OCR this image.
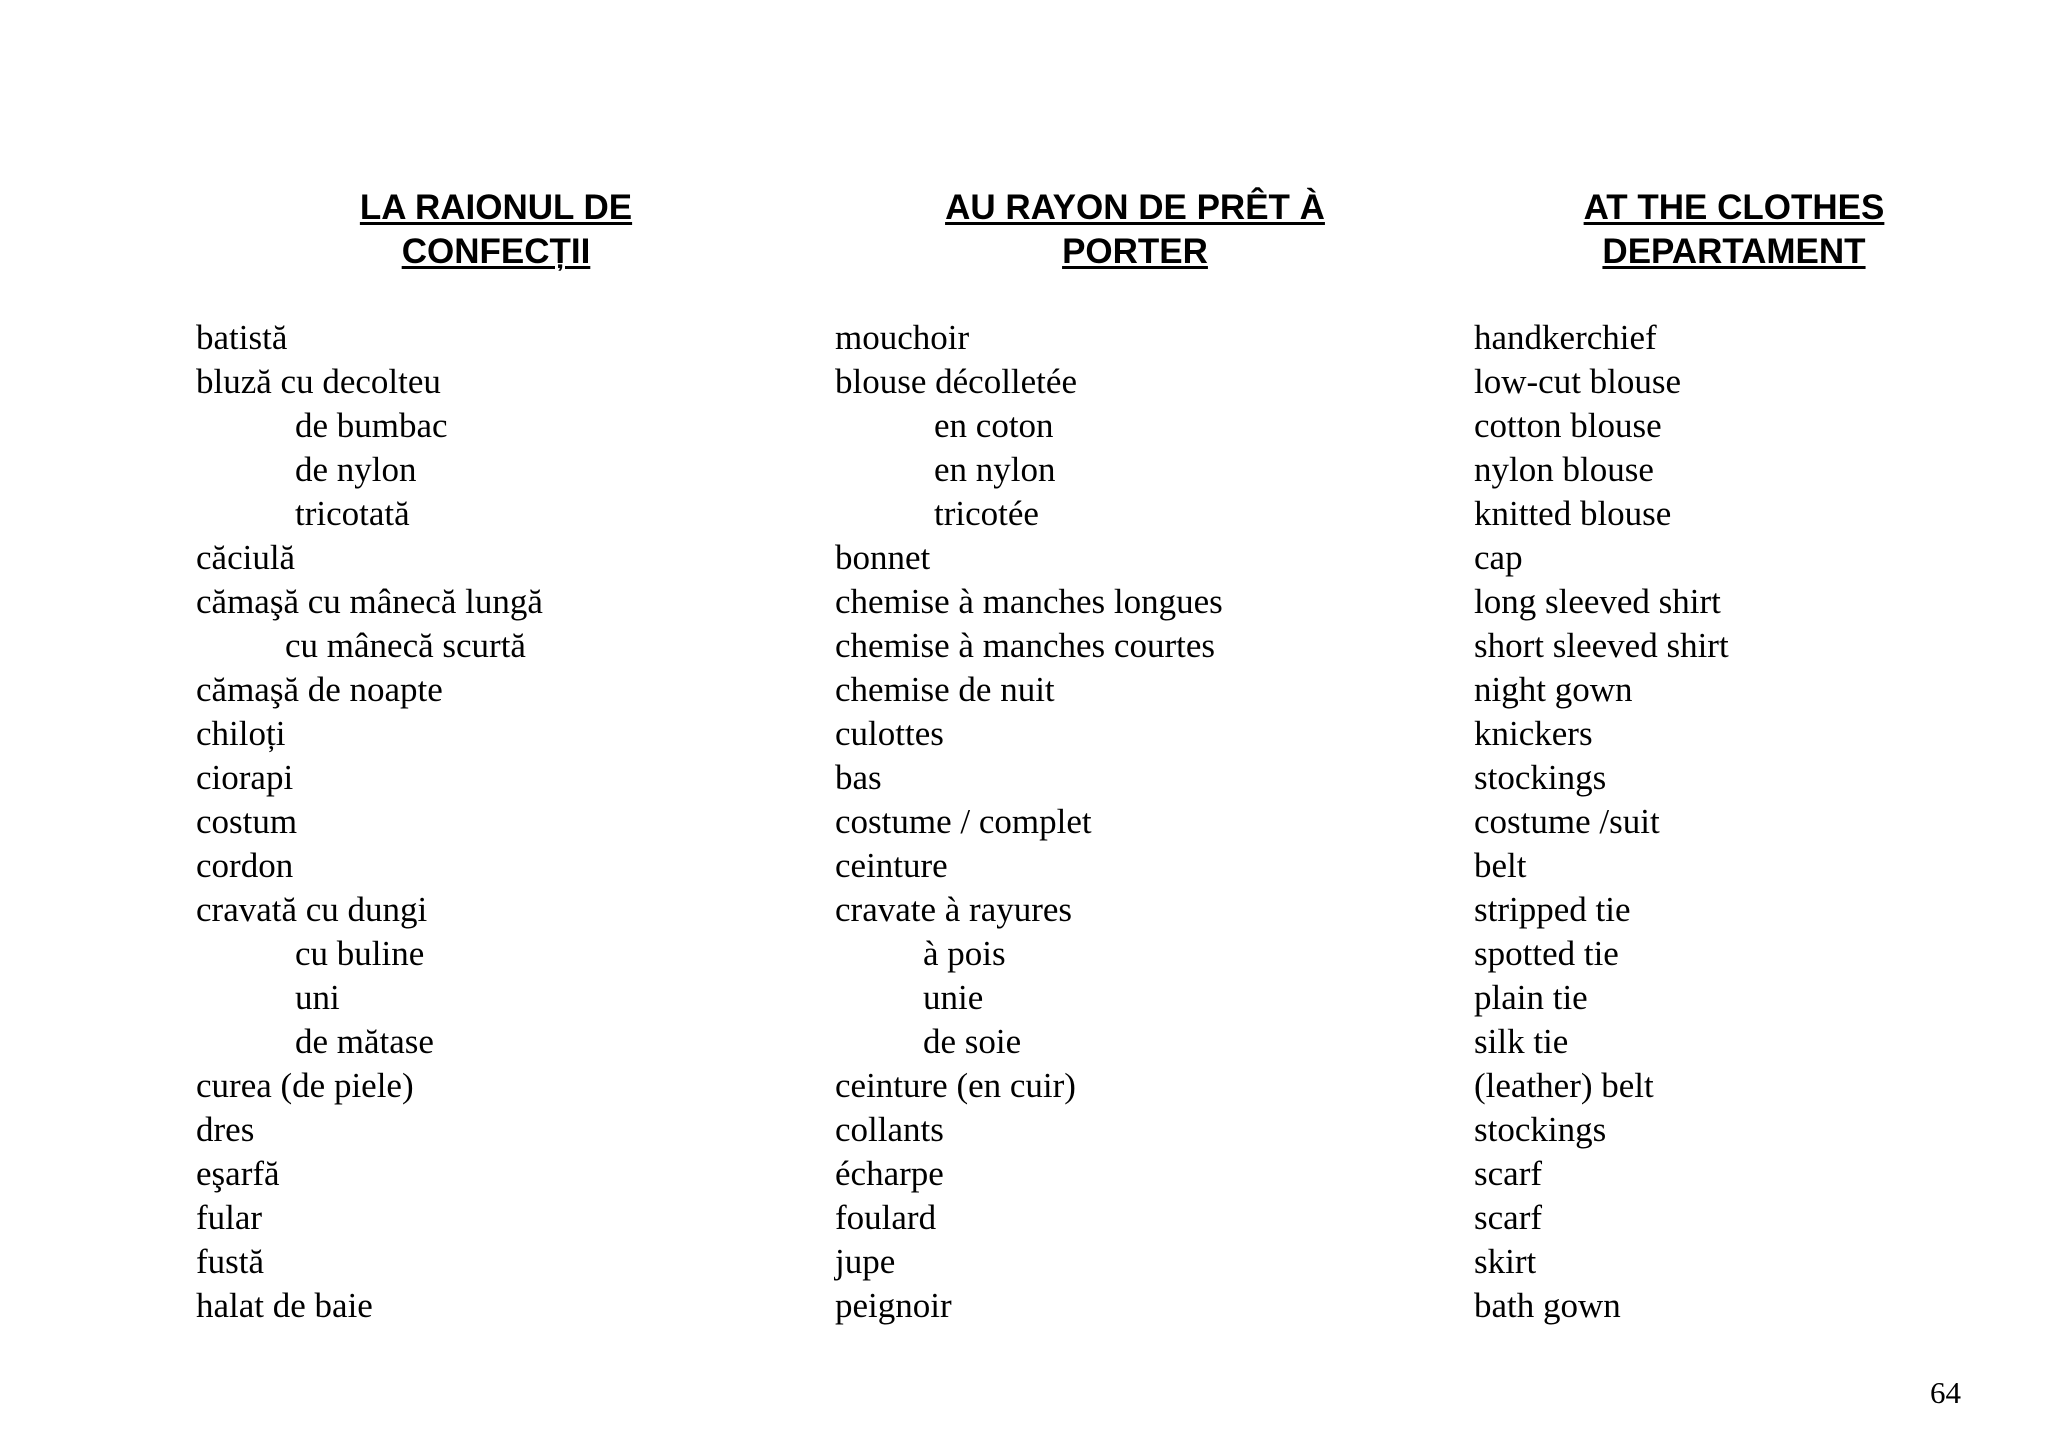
LA RAIONUL DE
CONFECȚII
batistă
bluză cu decolteu
de bumbac
de nylon
tricotată
căciulă
cămaşă cu mânecă lungă
cu mânecă scurtă
cămaşă de noapte
chiloți
ciorapi
costum
cordon
cravată cu dungi
cu buline
uni
de mătase
curea (de piele)
dres
eşarfă
fular
fustă
halat de baie
AU RAYON DE PRÊT À
PORTER
mouchoir
blouse décolletée
en coton
en nylon
tricotée
bonnet
chemise à manches longues
chemise à manches courtes
chemise de nuit
culottes
bas
costume / complet
ceinture
cravate à rayures
à pois
unie
de soie
ceinture (en cuir)
collants
écharpe
foulard
jupe
peignoir
AT THE CLOTHES
DEPARTAMENT
handkerchief
low-cut blouse
cotton blouse
nylon blouse
knitted blouse
cap
long sleeved shirt
short sleeved shirt
night gown
knickers
stockings
costume /suit
belt
stripped tie
spotted tie
plain tie
silk tie
(leather) belt
stockings
scarf
scarf
skirt
bath gown
64
